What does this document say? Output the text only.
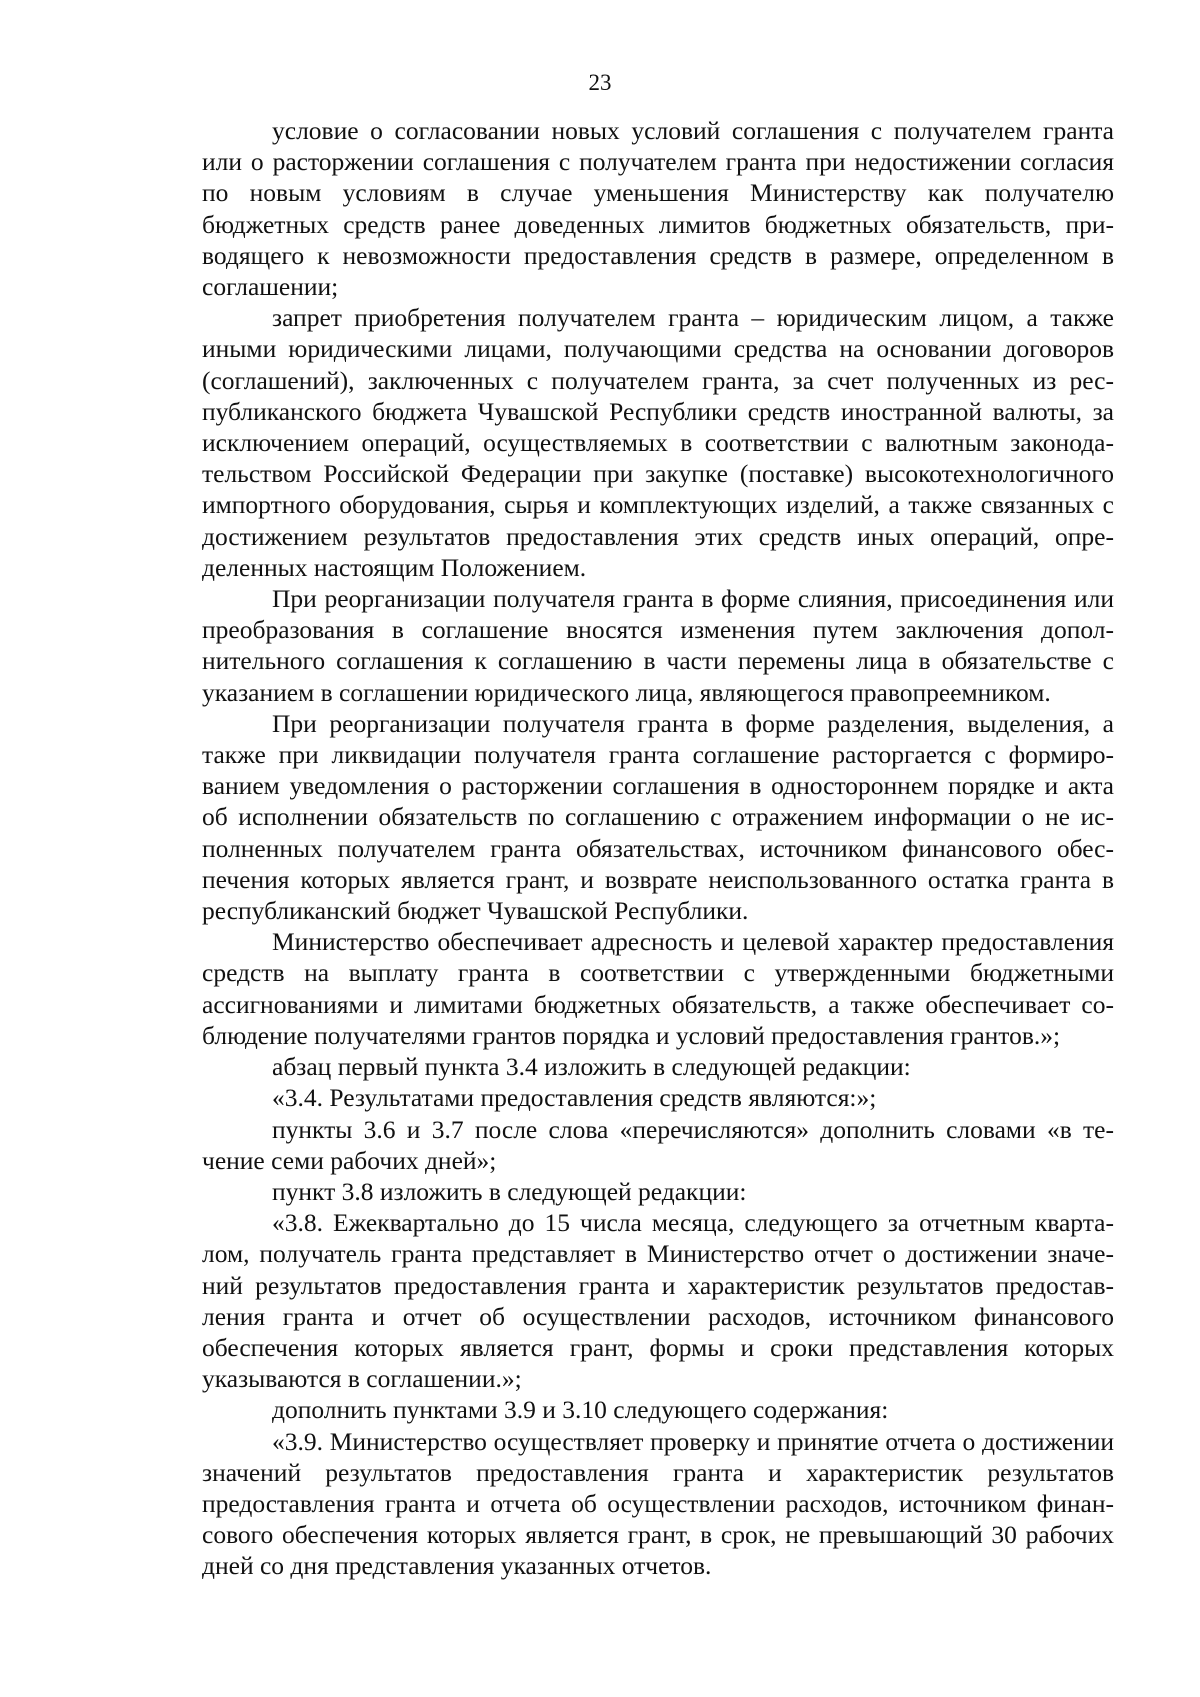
23

условие о согласовании новых условий соглашения с получателем гранта или о расторжении соглашения с получателем гранта при недостижении согласия по новым условиям в случае уменьшения Министерству как получателю бюджетных средств ранее доведенных лимитов бюджетных обязательств, приводящего к невозможности предоставления средств в размере, определенном в соглашении;

запрет приобретения получателем гранта – юридическим лицом, а также иными юридическими лицами, получающими средства на основании договоров (соглашений), заключенных с получателем гранта, за счет полученных из республиканского бюджета Чувашской Республики средств иностранной валюты, за исключением операций, осуществляемых в соответствии с валютным законодательством Российской Федерации при закупке (поставке) высокотехнологичного импортного оборудования, сырья и комплектующих изделий, а также связанных с достижением результатов предоставления этих средств иных операций, определенных настоящим Положением.

При реорганизации получателя гранта в форме слияния, присоединения или преобразования в соглашение вносятся изменения путем заключения дополнительного соглашения к соглашению в части перемены лица в обязательстве с указанием в соглашении юридического лица, являющегося правопреемником.

При реорганизации получателя гранта в форме разделения, выделения, а также при ликвидации получателя гранта соглашение расторгается с формированием уведомления о расторжении соглашения в одностороннем порядке и акта об исполнении обязательств по соглашению с отражением информации о не исполненных получателем гранта обязательствах, источником финансового обеспечения которых является грант, и возврате неиспользованного остатка гранта в республиканский бюджет Чувашской Республики.

Министерство обеспечивает адресность и целевой характер предоставления средств на выплату гранта в соответствии с утвержденными бюджетными ассигнованиями и лимитами бюджетных обязательств, а также обеспечивает соблюдение получателями грантов порядка и условий предоставления грантов.»;

абзац первый пункта 3.4 изложить в следующей редакции:

«3.4. Результатами предоставления средств являются:»;

пункты 3.6 и 3.7 после слова «перечисляются» дополнить словами «в течение семи рабочих дней»;

пункт 3.8 изложить в следующей редакции:

«3.8. Ежеквартально до 15 числа месяца, следующего за отчетным кварталом, получатель гранта представляет в Министерство отчет о достижении значений результатов предоставления гранта и характеристик результатов предоставления гранта и отчет об осуществлении расходов, источником финансового обеспечения которых является грант, формы и сроки представления которых указываются в соглашении.»;

дополнить пунктами 3.9 и 3.10 следующего содержания:

«3.9. Министерство осуществляет проверку и принятие отчета о достижении значений результатов предоставления гранта и характеристик результатов предоставления гранта и отчета об осуществлении расходов, источником финансового обеспечения которых является грант, в срок, не превышающий 30 рабочих дней со дня представления указанных отчетов.
